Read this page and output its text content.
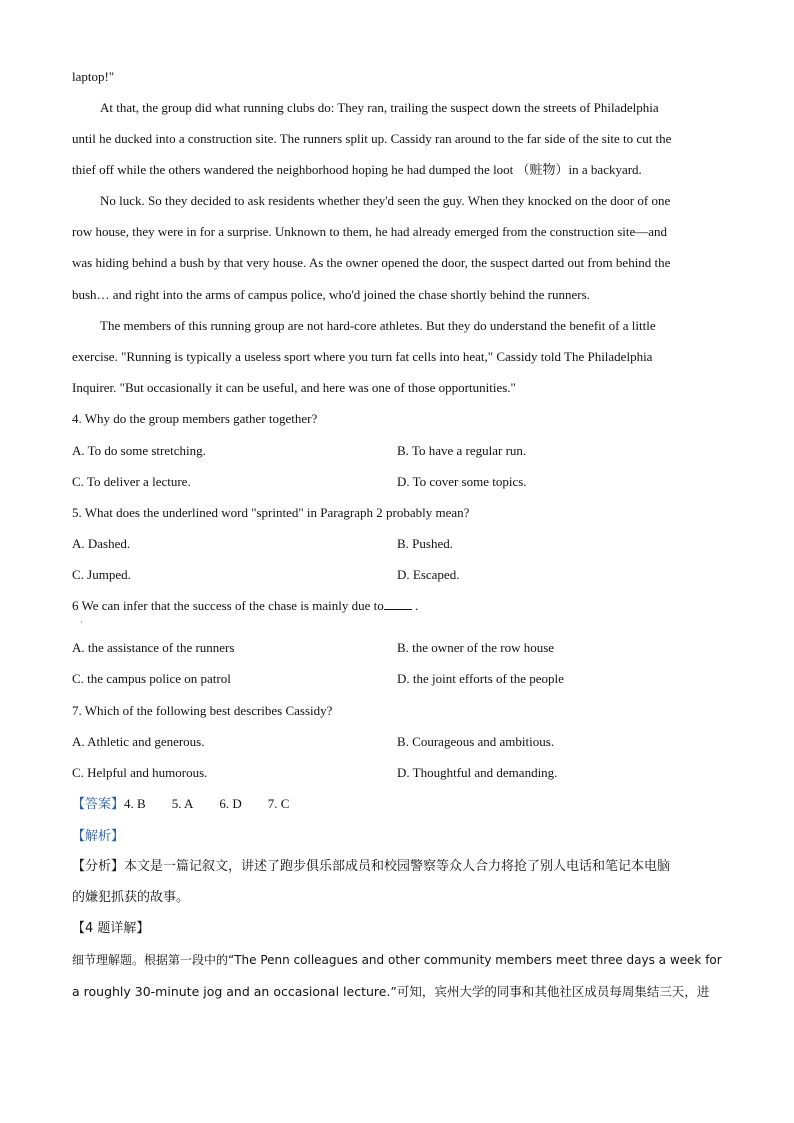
laptop!"
At that, the group did what running clubs do: They ran, trailing the suspect down the streets of Philadelphia
until he ducked into a construction site. The runners split up. Cassidy ran around to the far side of the site to cut the
thief off while the others wandered the neighborhood hoping he had dumped the loot （赃物）in a backyard.
No luck. So they decided to ask residents whether they'd seen the guy. When they knocked on the door of one
row house, they were in for a surprise. Unknown to them, he had already emerged from the construction site—and
was hiding behind a bush by that very house. As the owner opened the door, the suspect darted out from behind the
bush… and right into the arms of campus police, who'd joined the chase shortly behind the runners.
The members of this running group are not hard-core athletes. But they do understand the benefit of a little
exercise. "Running is typically a useless sport where you turn fat cells into heat," Cassidy told The Philadelphia
Inquirer. "But occasionally it can be useful, and here was one of those opportunities."
4. Why do the group members gather together?
A. To do some stretching.	B. To have a regular run.
C. To deliver a lecture.	D. To cover some topics.
5. What does the underlined word "sprinted" in Paragraph 2 probably mean?
A. Dashed.	B. Pushed.
C. Jumped.	D. Escaped.
6 We can infer that the success of the chase is mainly due to .
·
A. the assistance of the runners	B. the owner of the row house
C. the campus police on patrol	D. the joint efforts of the people
7. Which of the following best describes Cassidy?
A. Athletic and generous.	B. Courageous and ambitious.
C. Helpful and humorous.	D. Thoughtful and demanding.
【答案】4. B 5. A 6. D 7. C
【解析】
【分析】本文是一篇记叙文，讲述了跑步俱乐部成员和校园警察等众人合力将抢了别人电话和笔记本电脑
的嫌犯抓获的故事。
【4 题详解】
细节理解题。根据第一段中的“The Penn colleagues and other community members meet three days a week for
a roughly 30-minute jog and an occasional lecture.”可知，宾州大学的同事和其他社区成员每周集结三天，进
